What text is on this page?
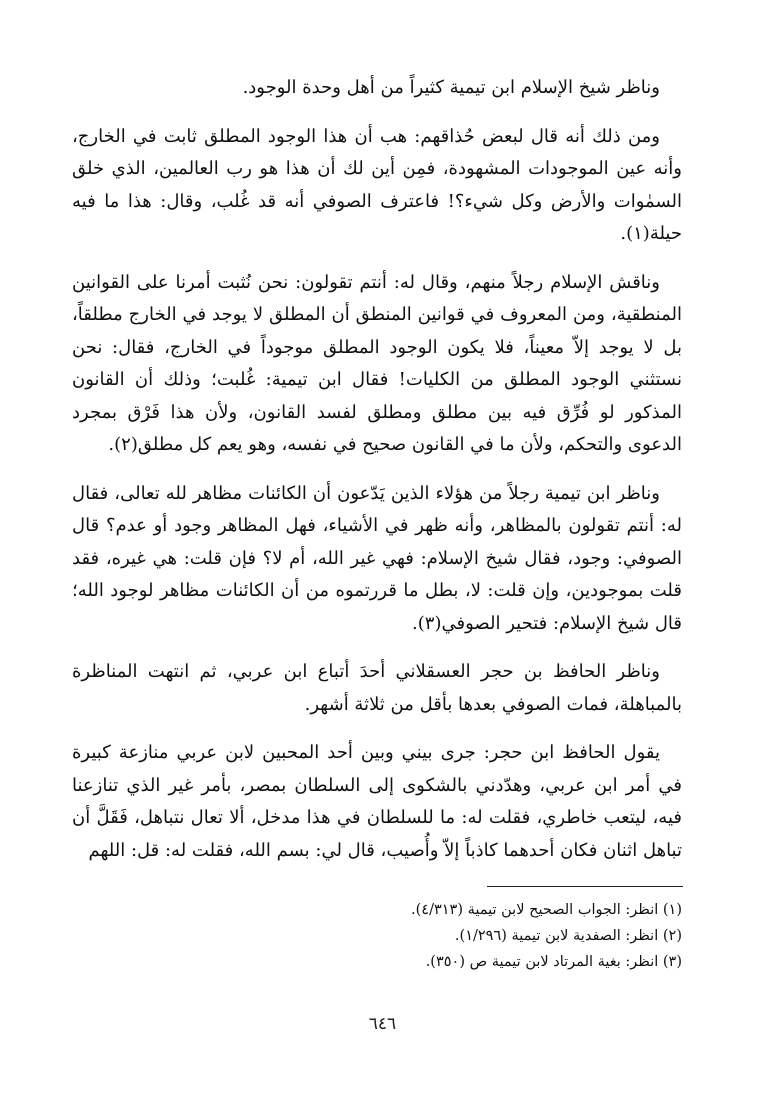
وناظر شيخ الإسلام ابن تيمية كثيراً من أهل وحدة الوجود.

ومن ذلك أنه قال لبعض حُذاقهم: هب أن هذا الوجود المطلق ثابت في الخارج، وأنه عين الموجودات المشهودة، فمِن أين لك أن هذا هو رب العالمين، الذي خلق السمٰوات والأرض وكل شيء؟! فاعترف الصوفي أنه قد غُلب، وقال: هذا ما فيه حيلة(١).

وناقش الإسلام رجلاً منهم، وقال له: أنتم تقولون: نحن نُثبت أمرنا على القوانين المنطقية، ومن المعروف في قوانين المنطق أن المطلق لا يوجد في الخارج مطلقاً، بل لا يوجد إلاّ معيناً، فلا يكون الوجود المطلق موجوداً في الخارج، فقال: نحن نستثني الوجود المطلق من الكليات! فقال ابن تيمية: غُلبت؛ وذلك أن القانون المذكور لو فُرِّق فيه بين مطلق ومطلق لفسد القانون، ولأن هذا فَرْق بمجرد الدعوى والتحكم، ولأن ما في القانون صحيح في نفسه، وهو يعم كل مطلق(٢).

وناظر ابن تيمية رجلاً من هؤلاء الذين يَدّعون أن الكائنات مظاهر لله تعالى، فقال له: أنتم تقولون بالمظاهر، وأنه ظهر في الأشياء، فهل المظاهر وجود أو عدم؟ قال الصوفي: وجود، فقال شيخ الإسلام: فهي غير الله، أم لا؟ فإن قلت: هي غيره، فقد قلت بموجودين، وإن قلت: لا، بطل ما قررتموه من أن الكائنات مظاهر لوجود الله؛ قال شيخ الإسلام: فتحير الصوفي(٣).

وناظر الحافظ بن حجر العسقلاني أحدَ أتباع ابن عربي، ثم انتهت المناظرة بالمباهلة، فمات الصوفي بعدها بأقل من ثلاثة أشهر.

يقول الحافظ ابن حجر: جرى بيني وبين أحد المحبين لابن عربي منازعة كبيرة في أمر ابن عربي، وهدّدني بالشكوى إلى السلطان بمصر، بأمر غير الذي تنازعنا فيه، ليتعب خاطري، فقلت له: ما للسلطان في هذا مدخل، ألا تعال نتباهل، فَقَلَّ أن تباهل اثنان فكان أحدهما كاذباً إلاّ وأُصيب، قال لي: بسم الله، فقلت له: قل: اللهم

(١) انظر: الجواب الصحيح لابن تيمية (٤/٣١٣).
(٢) انظر: الصفدية لابن تيمية (١/٢٩٦).
(٣) انظر: بغية المرتاد لابن تيمية ص (٣٥٠).
٦٤٦
